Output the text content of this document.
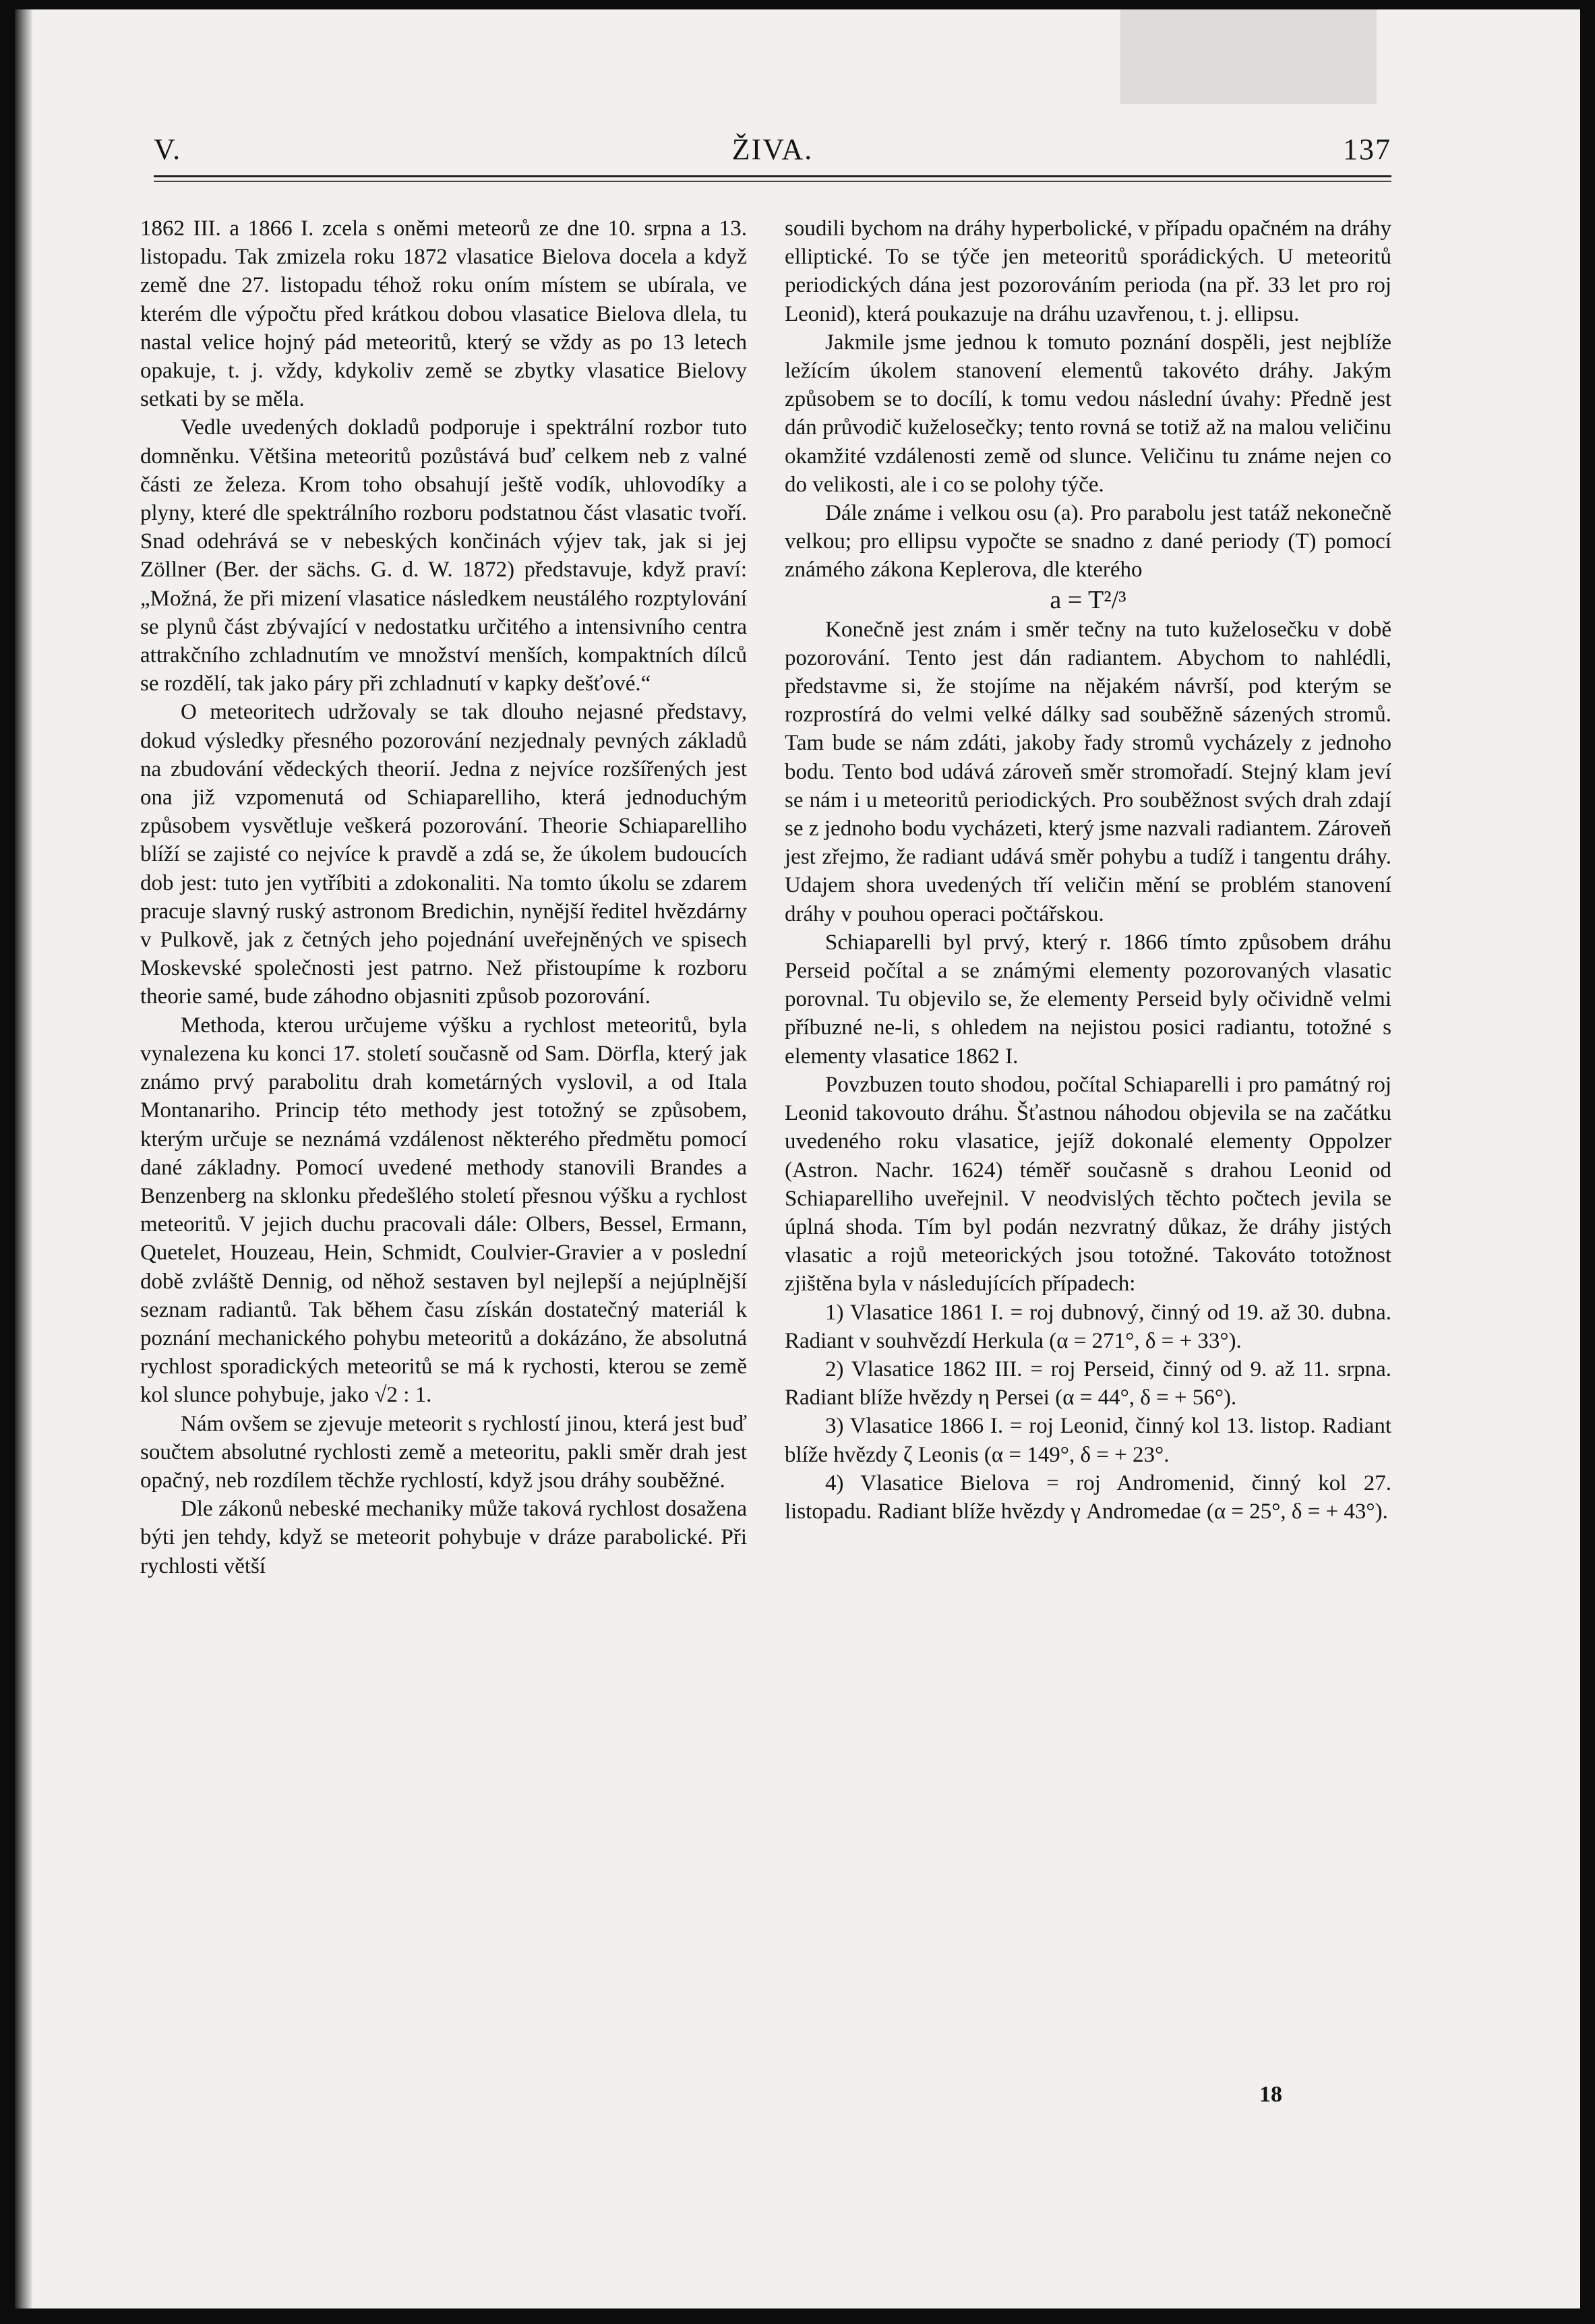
V.	ŽIVA.	137

1862 III. a 1866 I. zcela s oněmi meteorů ze dne 10. srpna a 13. listopadu. Tak zmizela roku 1872 vlasatice Bielova docela a když země dne 27. listopadu téhož roku oním místem se ubírala, ve kterém dle výpočtu před krátkou dobou vlasatice Bielova dlela, tu nastal velice hojný pád meteoritů, který se vždy as po 13 letech opakuje, t. j. vždy, kdykoliv země se zbytky vlasatice Bielovy setkati by se měla.

Vedle uvedených dokladů podporuje i spektrální rozbor tuto domněnku. Většina meteoritů pozůstává buď celkem neb z valné části ze železa. Krom toho obsahují ještě vodík, uhlovodíky a plyny, které dle spektrálního rozboru podstatnou část vlasatic tvoří. Snad odehrává se v nebeských končinách výjev tak, jak si jej Zöllner (Ber. der sächs. G. d. W. 1872) představuje, když praví: „Možná, že při mizení vlasatice následkem neustálého rozptylování se plynů část zbývající v nedostatku určitého a intensivního centra attrakčního zchladnutím ve množství menších, kompaktních dílců se rozdělí, tak jako páry při zchladnutí v kapky dešťové.“

O meteoritech udržovaly se tak dlouho nejasné představy, dokud výsledky přesného pozorování nezjednaly pevných základů na zbudování vědeckých theorií. Jedna z nejvíce rozšířených jest ona již vzpomenutá od Schiaparelliho, která jednoduchým způsobem vysvětluje veškerá pozorování. Theorie Schiaparelliho blíží se zajisté co nejvíce k pravdě a zdá se, že úkolem budoucích dob jest: tuto jen vytříbiti a zdokonaliti. Na tomto úkolu se zdarem pracuje slavný ruský astronom Bredichin, nynější ředitel hvězdárny v Pulkově, jak z četných jeho pojednání uveřejněných ve spisech Moskevské společnosti jest patrno. Než přistoupíme k rozboru theorie samé, bude záhodno objasniti způsob pozorování.

Methoda, kterou určujeme výšku a rychlost meteoritů, byla vynalezena ku konci 17. století současně od Sam. Dörfla, který jak známo prvý parabolitu drah kometárných vyslovil, a od Itala Montanariho. Princip této methody jest totožný se způsobem, kterým určuje se neznámá vzdálenost některého předmětu pomocí dané základny. Pomocí uvedené methody stanovili Brandes a Benzenberg na sklonku předešlého století přesnou výšku a rychlost meteoritů. V jejich duchu pracovali dále: Olbers, Bessel, Ermann, Quetelet, Houzeau, Hein, Schmidt, Coulvier-Gravier a v poslední době zvláště Dennig, od něhož sestaven byl nejlepší a nejúplnější seznam radiantů. Tak během času získán dostatečný materiál k poznání mechanického pohybu meteoritů a dokázáno, že absolutná rychlost sporadických meteoritů se má k rychosti, kterou se země kol slunce pohybuje, jako √2 : 1.

Nám ovšem se zjevuje meteorit s rychlostí jinou, která jest buď součtem absolutné rychlosti země a meteoritu, pakli směr drah jest opačný, neb rozdílem těchže rychlostí, když jsou dráhy souběžné.

Dle zákonů nebeské mechaniky může taková rychlost dosažena býti jen tehdy, když se meteorit pohybuje v dráze parabolické. Při rychlosti větší

soudili bychom na dráhy hyperbolické, v případu opačném na dráhy elliptické. To se týče jen meteoritů sporádických. U meteoritů periodických dána jest pozorováním perioda (na př. 33 let pro roj Leonid), která poukazuje na dráhu uzavřenou, t. j. ellipsu.

Jakmile jsme jednou k tomuto poznání dospěli, jest nejblíže ležícím úkolem stanovení elementů takovéto dráhy. Jakým způsobem se to docílí, k tomu vedou následní úvahy: Předně jest dán průvodič kuželosečky; tento rovná se totiž až na malou veličinu okamžité vzdálenosti země od slunce. Veličinu tu známe nejen co do velikosti, ale i co se polohy týče.

Dále známe i velkou osu (a). Pro parabolu jest tatáž nekonečně velkou; pro ellipsu vypočte se snadno z dané periody (T) pomocí známého zákona Keplerova, dle kterého

a = T²/³

Konečně jest znám i směr tečny na tuto kuželosečku v době pozorování. Tento jest dán radiantem. Abychom to nahlédli, představme si, že stojíme na nějakém návrší, pod kterým se rozprostírá do velmi velké dálky sad souběžně sázených stromů. Tam bude se nám zdáti, jakoby řady stromů vycházely z jednoho bodu. Tento bod udává zároveň směr stromořadí. Stejný klam jeví se nám i u meteoritů periodických. Pro souběžnost svých drah zdají se z jednoho bodu vycházeti, který jsme nazvali radiantem. Zároveň jest zřejmo, že radiant udává směr pohybu a tudíž i tangentu dráhy. Udajem shora uvedených tří veličin mění se problém stanovení dráhy v pouhou operaci počtářskou.

Schiaparelli byl prvý, který r. 1866 tímto způsobem dráhu Perseid počítal a se známými elementy pozorovaných vlasatic porovnal. Tu objevilo se, že elementy Perseid byly očividně velmi příbuzné ne-li, s ohledem na nejistou posici radiantu, totožné s elementy vlasatice 1862 I.

Povzbuzen touto shodou, počítal Schiaparelli i pro památný roj Leonid takovouto dráhu. Šťastnou náhodou objevila se na začátku uvedeného roku vlasatice, jejíž dokonalé elementy Oppolzer (Astron. Nachr. 1624) téměř současně s drahou Leonid od Schiaparelliho uveřejnil. V neodvislých těchto počtech jevila se úplná shoda. Tím byl podán nezvratný důkaz, že dráhy jistých vlasatic a rojů meteorických jsou totožné. Takováto totožnost zjištěna byla v následujících případech:

1) Vlasatice 1861 I. = roj dubnový, činný od 19. až 30. dubna. Radiant v souhvězdí Herkula (α = 271°, δ = + 33°).

2) Vlasatice 1862 III. = roj Perseid, činný od 9. až 11. srpna. Radiant blíže hvězdy η Persei (α = 44°, δ = + 56°).

3) Vlasatice 1866 I. = roj Leonid, činný kol 13. listop. Radiant blíže hvězdy ζ Leonis (α = 149°, δ = + 23°.

4) Vlasatice Bielova = roj Andromenid, činný kol 27. listopadu. Radiant blíže hvězdy γ Andromedae (α = 25°, δ = + 43°).

18
